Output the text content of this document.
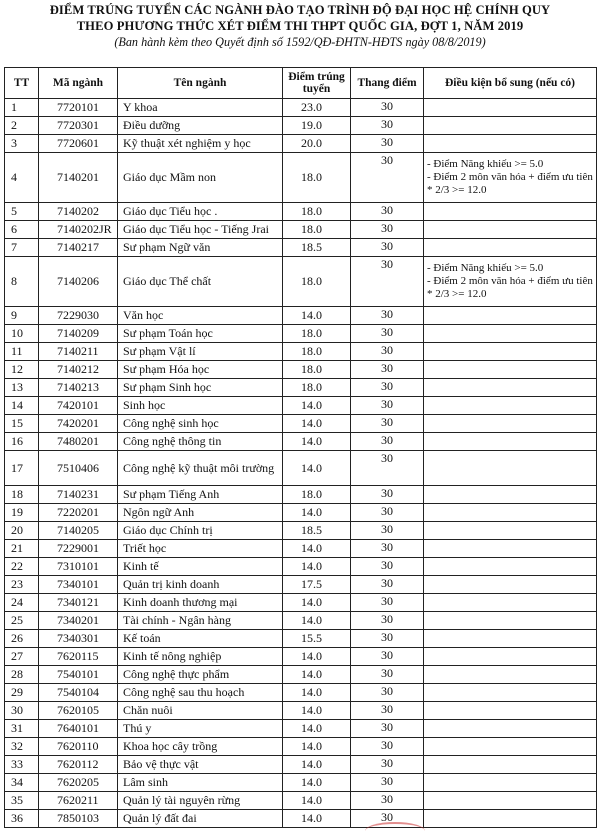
ĐIỂM TRÚNG TUYỂN CÁC NGÀNH ĐÀO TẠO TRÌNH ĐỘ ĐẠI HỌC HỆ CHÍNH QUY
THEO PHƯƠNG THỨC XÉT ĐIỂM THI THPT QUỐC GIA, ĐỢT 1, NĂM 2019
(Ban hành kèm theo Quyết định số 1592/QĐ-ĐHTN-HĐTS ngày 08/8/2019)
TT	Mã ngành	Tên ngành	Điểm trúng tuyển	Thang điểm	Điều kiện bổ sung (nếu có)
1	7720101	Y khoa	23.0	30	
2	7720301	Điều dưỡng	19.0	30	
3	7720601	Kỹ thuật xét nghiệm y học	20.0	30	
4	7140201	Giáo dục Mầm non	18.0	30	- Điểm Năng khiếu >= 5.0
- Điểm 2 môn văn hóa + điểm ưu tiên * 2/3 >= 12.0

5	7140202	Giáo dục Tiểu học .	18.0	30	
6	7140202JR	Giáo dục Tiểu học - Tiếng Jrai	18.0	30	
7	7140217	Sư phạm Ngữ văn	18.5	30	
8	7140206	Giáo dục Thể chất	18.0	30	- Điểm Năng khiếu >= 5.0
- Điểm 2 môn văn hóa + điểm ưu tiên * 2/3 >= 12.0

9	7229030	Văn học	14.0	30	
10	7140209	Sư phạm Toán học	18.0	30	
11	7140211	Sư phạm Vật lí	18.0	30	
12	7140212	Sư phạm Hóa học	18.0	30	
13	7140213	Sư phạm Sinh học	18.0	30	
14	7420101	Sinh học	14.0	30	
15	7420201	Công nghệ sinh học	14.0	30	
16	7480201	Công nghệ thông tin	14.0	30	
17	7510406	Công nghệ kỹ thuật môi trường	14.0	30	
18	7140231	Sư phạm Tiếng Anh	18.0	30	
19	7220201	Ngôn ngữ Anh	14.0	30	
20	7140205	Giáo dục Chính trị	18.5	30	
21	7229001	Triết học	14.0	30	
22	7310101	Kinh tế	14.0	30	
23	7340101	Quản trị kinh doanh	17.5	30	
24	7340121	Kinh doanh thương mại	14.0	30	
25	7340201	Tài chính - Ngân hàng	14.0	30	
26	7340301	Kế toán	15.5	30	
27	7620115	Kinh tế nông nghiệp	14.0	30	
28	7540101	Công nghệ thực phẩm	14.0	30	
29	7540104	Công nghệ sau thu hoạch	14.0	30	
30	7620105	Chăn nuôi	14.0	30	
31	7640101	Thú y	14.0	30	
32	7620110	Khoa học cây trồng	14.0	30	
33	7620112	Bảo vệ thực vật	14.0	30	
34	7620205	Lâm sinh	14.0	30	
35	7620211	Quản lý tài nguyên rừng	14.0	30	
36	7850103	Quản lý đất đai	14.0	30	
